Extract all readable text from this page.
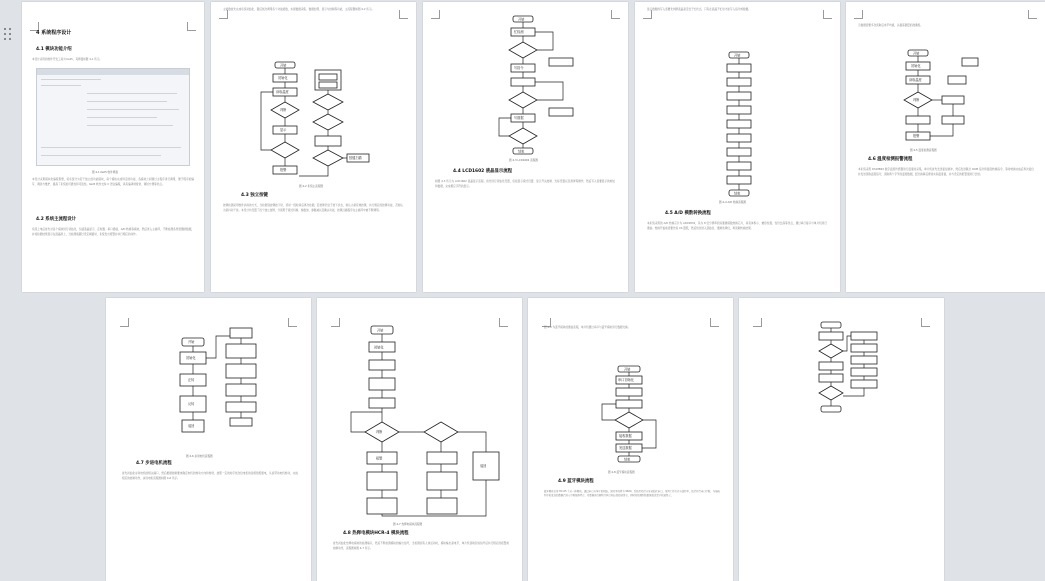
4 系统程序设计
4.1 模块功能介绍
本设计采用的软件开发工具为 Keil5，其界面如图 4-1 所示。
图 4-1 Keil5 软件界面
本设计采用模块化编程思想，将系统分为若干独立的功能模块，每个模块完成特定的功能，各模块之间通过主程序进行调用，便于程序的编写、调试与维护，提高了系统的可靠性和可读性。Keil5 软件支持 C 语言编程，具有编译速度快、调试方便等优点。
4.2 系统主流程设计
系统上电后首先对各个模块进行初始化，包括液晶显示、定时器、串口通信、A/D 转换等模块，然后进入主循环，不断检测各传感器的数据，并将检测结果显示在液晶屏上，当检测值超过设定阈值时，系统发出报警并执行相应的动作。
主函数首先完成系统初始化，随后依次调用各个功能函数，实现数据采集、数据处理、显示与控制等功能，主流程图如图 4-2 所示。
开始
初始化
读取温度
判断
显示
报警
按键扫描
图 4-2 系统主流程图
4.3 独立按键
按键检测采用软件消抖的方式，当检测到按键按下时，延时一段时间后再次检测，若按键仍处于按下状态，则认为是有效按键，执行相应的按键功能，否则认为是抖动干扰。本设计共设置了四个独立按键，分别用于模式切换、参数加、参数减以及确认功能，按键扫描程序在主循环中被不断调用。
开始
忙检测
写指令
写数据
结束
图 4-3 LCD1602 流程图
4.4 LCD1602 液晶显示流程
如图 4-3 所示为 LCD1602 液晶显示流程。首先进行初始化设置，包括显示模式设置、显示开关控制、光标设置以及清屏等操作，然后写入需要显示的地址和数据，完成相应字符的显示。
显示数据的写入需要先判断液晶是否处于忙状态，只有在液晶不忙时才能写入指令或数据。
开始
结束
图 4-4 A/D 转换流程图
4.5 A/D 模数转换流程
本系统采用的 A/D 转换芯片为 ADC0832，其为 8 位分辨率的双通道模数转换芯片，具有体积小、兼容性强、性价比高等优点，通过串行接口与单片机进行通信。转换开始前需要先将 CS 置低，然后依次送入起始位、通道选择位，再读取转换结果。
示数据需要多次读取后求平均值，以提高测量的准确度。
开始
初始化
读取温度
判断
报警
图 4-5 温度检测流程图
4.6 温度检测报警流程
本系统采用 DS18B20 数字温度传感器进行温度的采集，单片机首先发送复位脉冲，然后发送跳过 ROM 指令和温度转换指令，等待转换完成后再次复位并发送读取温度指令，读取两个字节的温度数据，经过换算后得到实际温度值，并与设定的报警值进行比较。
开始
初始化
正转
反转
返回
图 4-6 步进电机流程图
4.7 步进电机流程
首先初始化步进电机的相关端口，然后根据控制要求确定电机的转动方向和转速，按照一定的时序依次给电机的各相绕组通电，从而带动电机转动，完成相应的控制动作，步进电机流程图如图 4-6 所示。
开始
初始化
判断
报警
返回
图 4-7 热释电模块流程图
4.8 热释电模块HCR-4 模块流程
首先初始化热释电模块的检测端口，然后不断检测模块的输出信号，当检测到有人体活动时，模块输出高电平，单片机读取到该信号后执行相应的报警或控制动作，流程图如图 4-7 所示。
图 4-8 为蓝牙模块的通信流程，单片机通过串口与蓝牙模块进行数据交换。
开始
串口初始化
接收数据
发送数据
结束
图 4-8 蓝牙模块流程图
4.9 蓝牙模块流程
蓝牙模块采用 HC-05 主从一体模块，通过串口与单片机相连，波特率设置为 9600。系统启动后首先初始化串口，设置工作方式与波特率，然后开启串口中断，当接收到手机发送的数据后进入中断服务程序，对数据进行解析并执行相应的控制命令，同时将检测到的数据发送至手机端显示。
